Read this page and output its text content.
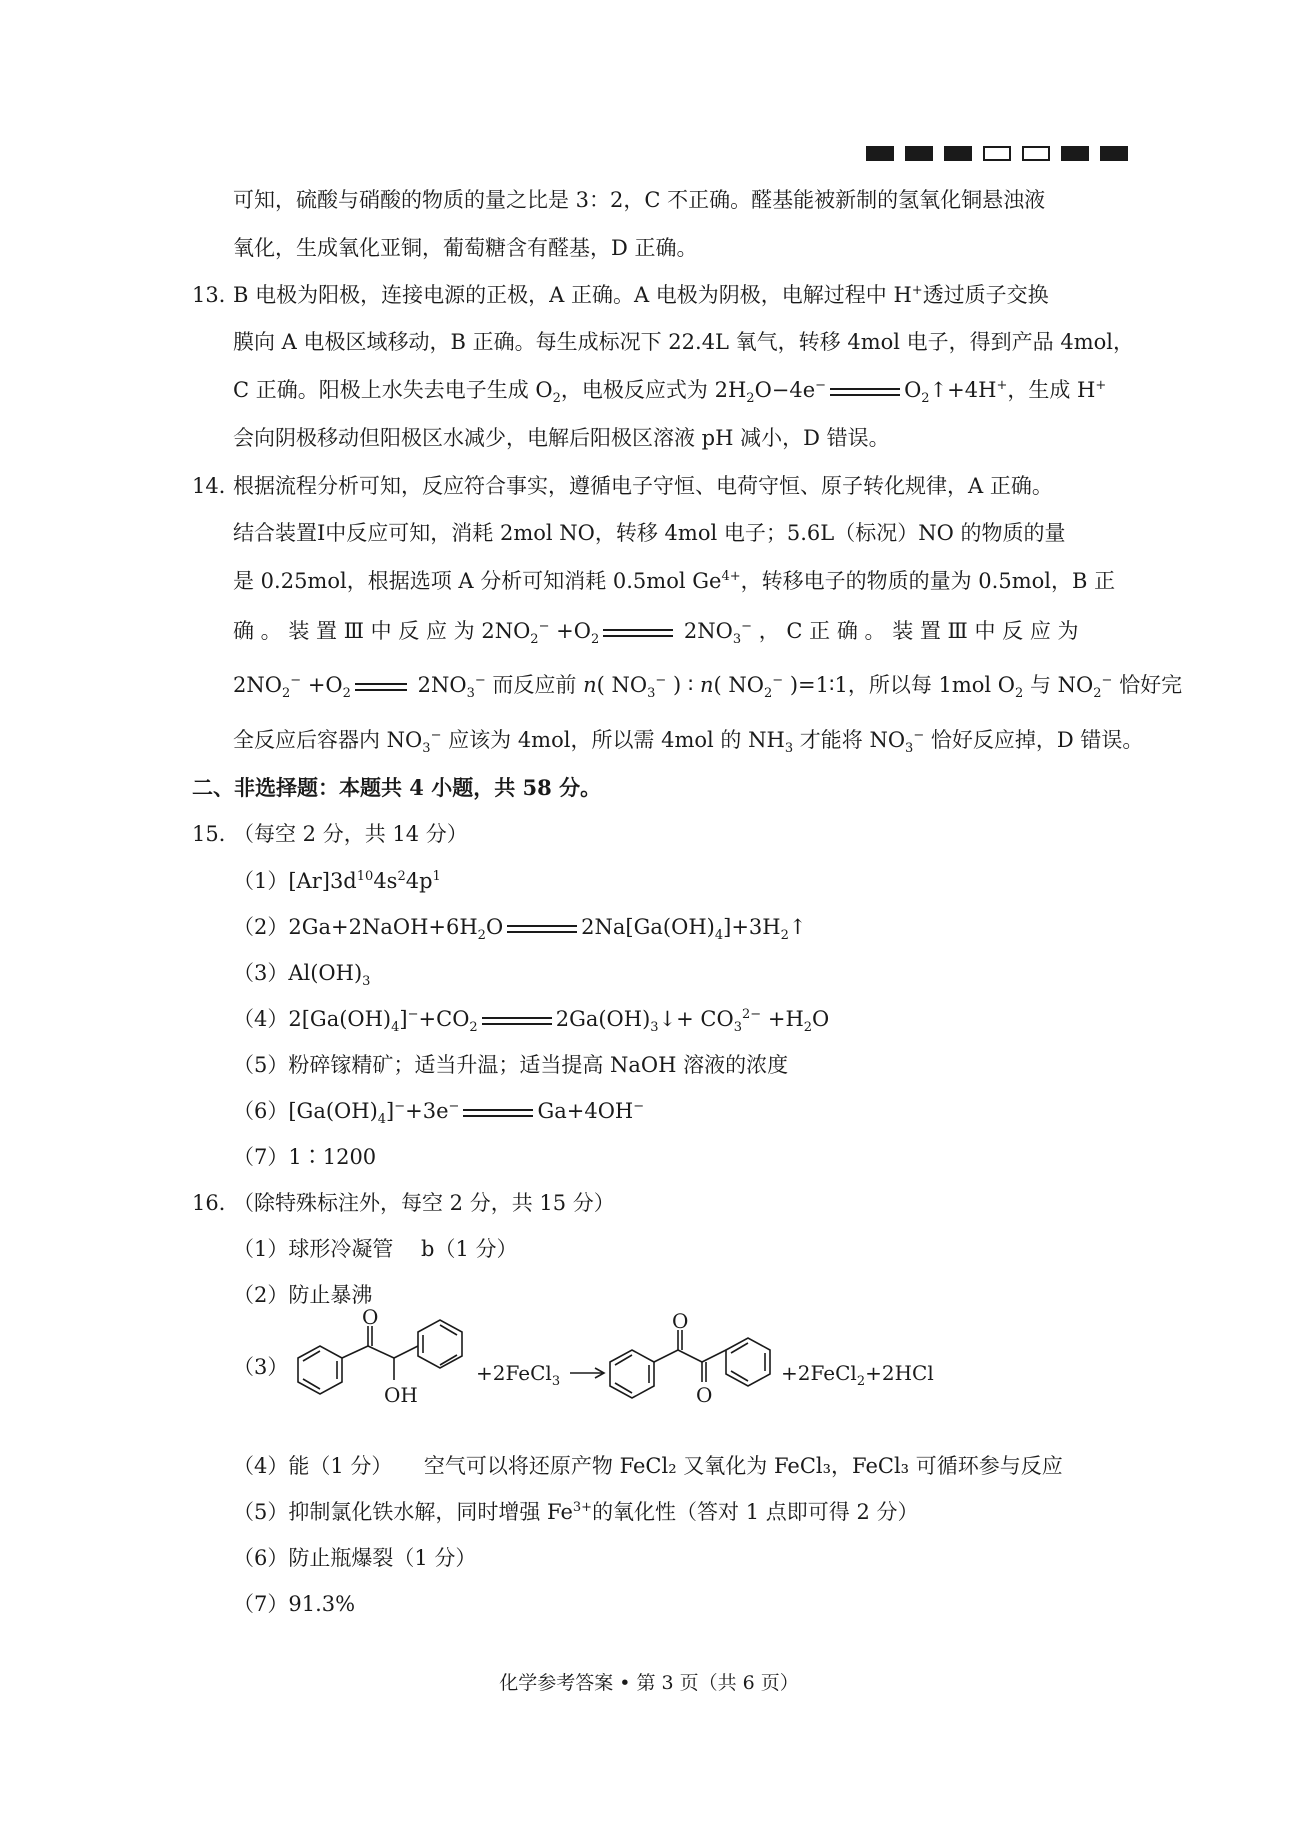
可知，硫酸与硝酸的物质的量之比是 3：2，C 不正确。醛基能被新制的氢氧化铜悬浊液
氧化，生成氧化亚铜，葡萄糖含有醛基，D 正确。
13．
B 电极为阳极，连接电源的正极，A 正确。A 电极为阴极，电解过程中 H+透过质子交换
膜向 A 电极区域移动，B 正确。每生成标况下 22.4L 氧气，转移 4mol 电子，得到产品 4mol，
C 正确。阳极上水失去电子生成 $O_2$，电极反应式为 $2H_2O-4e^-$	$O_2↑+4H^+$，生成 H+
会向阴极移动但阳极区水减少，电解后阳极区溶液 pH 减小，D 错误。
14．
根据流程分析可知，反应符合事实，遵循电子守恒、电荷守恒、原子转化规律，A 正确。
结合装置Ⅰ中反应可知，消耗 2mol NO，转移 4mol 电子；5.6L（标况）NO 的物质的量
是 0.25mol，根据选项 A 分析可知消耗 0.5mol $Ge^{4+}$，转移电子的物质的量为 0.5mol，B 正
确 。 装 置 Ⅲ 中 反 应 为 $2NO_2^- +O_2$	$2NO_3^-$ ， C 正 确 。 装 置 Ⅲ 中 反 应 为
$2NO_2^- +O_2$	$2NO_3^-$ 而反应前 n( $NO_3^-$ ) ∶ n( $NO_2^-$ )=1∶1，所以每 1mol $O_2$ 与 $NO_2^-$ 恰好完
全反应后容器内 $NO_3^-$ 应该为 4mol，所以需 4mol 的 $NH_3$ 才能将 $NO_3^-$ 恰好反应掉，D 错误。
二、非选择题：本题共 4 小题，共 58 分。
15．
（每空 2 分，共 14 分）
$(1)[Ar]3d^{10}4s^24p^1$
$(2)2Ga+2NaOH+6H_2O$	$2Na[Ga(OH)_4]+3H_2↑$
$(3)Al(OH)_3$
$(4)2[Ga(OH)_4]^-+CO_2$	$2Ga(OH)_3↓+ CO_3^{2-} +H_2O$
（5）粉碎镓精矿；适当升温；适当提高 NaOH 溶液的浓度
$(6)[Ga(OH)_4]^-+3e^-$	Ga+4OH−
（7）1∶1200
16．
（除特殊标注外，每空 2 分，共 15 分）
（1）球形冷凝管　 b（1 分）
（2）防止暴沸
（3）
O
OH
+2FeCl$_3$
O
O
+2FeCl$_2$+2HCl
（4）能（1 分）　　空气可以将还原产物 FeCl₂ 又氧化为 FeCl₃，FeCl₃ 可循环参与反应
（5）抑制氯化铁水解，同时增强 $Fe^{3+}$的氧化性（答对 1 点即可得 2 分）
（6）防止瓶爆裂（1 分）
（7）91.3%
化学参考答案 • 第 3 页（共 6 页）
